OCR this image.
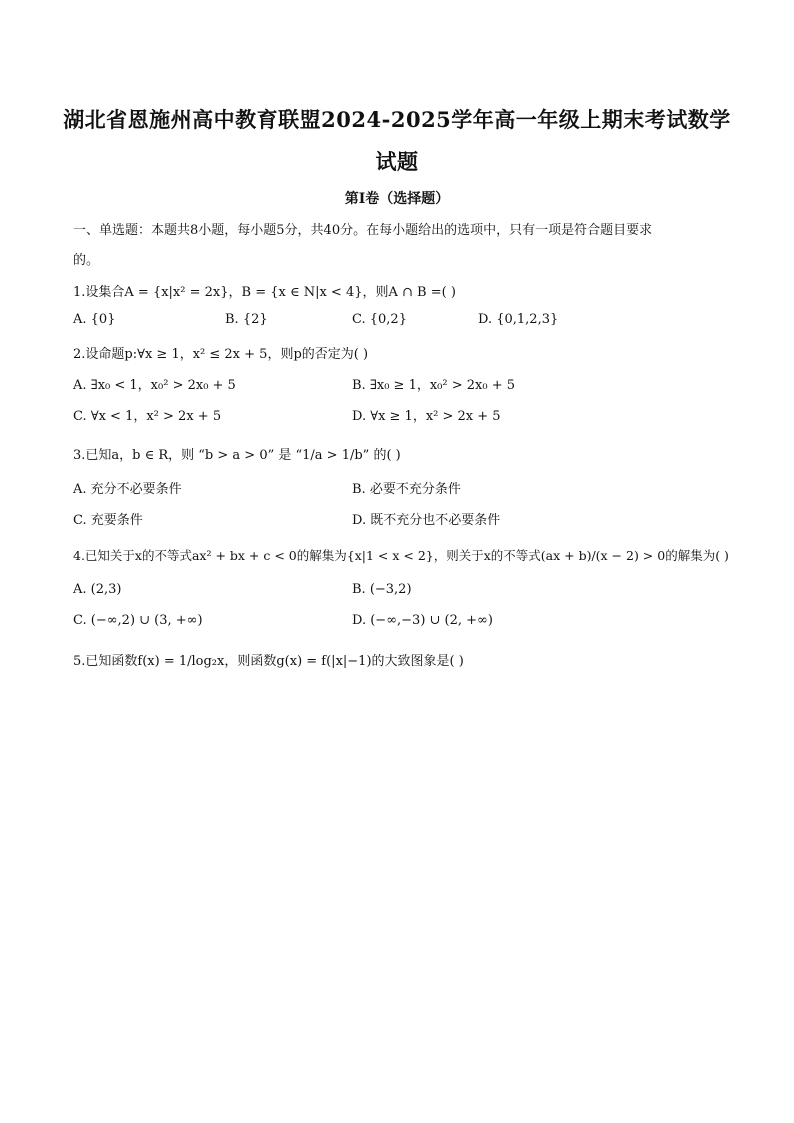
湖北省恩施州高中教育联盟2024-2025学年高一年级上期末考试数学
试题
第I卷（选择题）
一、单选题：本题共8小题，每小题5分，共40分。在每小题给出的选项中，只有一项是符合题目要求
的。
1.设集合A = {x|x² = 2x}，B = {x ∈ N|x < 4}，则A ∩ B =( )
A. {0}	B. {2}	C. {0,2}	D. {0,1,2,3}
2.设命题p:∀x ≥ 1，x² ≤ 2x + 5，则p的否定为( )
A. ∃x₀ < 1，x₀² > 2x₀ + 5	B. ∃x₀ ≥ 1，x₀² > 2x₀ + 5
C. ∀x < 1，x² > 2x + 5	D. ∀x ≥ 1，x² > 2x + 5
3.已知a，b ∈ R，则 “b > a > 0” 是 “1/a > 1/b” 的( )
A. 充分不必要条件	B. 必要不充分条件
C. 充要条件	D. 既不充分也不必要条件
4.已知关于x的不等式ax² + bx + c < 0的解集为{x|1 < x < 2}，则关于x的不等式(ax + b)/(x − 2) > 0的解集为( )
A. (2,3)	B. (−3,2)
C. (−∞,2) ∪ (3, +∞)	D. (−∞,−3) ∪ (2, +∞)
5.已知函数f(x) = 1/log₂x，则函数g(x) = f(|x|−1)的大致图象是( )
